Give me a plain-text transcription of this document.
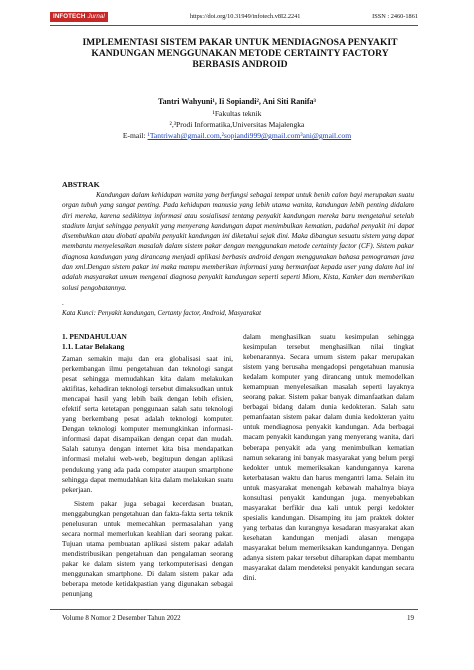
INFOTECH Jurnal	https://doi.org/10.31949/infotech.v8I2.2241	ISSN : 2460-1861
IMPLEMENTASI SISTEM PAKAR UNTUK MENDIAGNOSA PENYAKIT KANDUNGAN MENGGUNAKAN METODE CERTAINTY FACTORY BERBASIS ANDROID
Tantri Wahyuni¹, Ii Sopiandi², Ani Siti Ranifa³
¹Fakultas teknik
²,³Prodi Informatika,Universitas Majalengka
E-mail: ¹Tantriwah@gmail.com,²sopiandi999@gmail.com³ani@gmail.com
ABSTRAK

Kandungan dalam kehidupan wanita yang berfungsi sebagai tempat untuk benih calon bayi merupakan suatu organ tubuh yang sangat penting. Pada kehidupan manusia yang lebih utama wanita, kandungan lebih penting didalam diri mereka, karena sedikitnya informasi atau sosialisasi tentang penyakit kandungan mereka baru mengetahui setelah stadium lanjut sehingga penyakit yang menyerang kandungan dapat menimbulkan kematian, padahal penyakit ini dapat disembuhkan atau diobati apabila penyakit kandungan ini diketahui sejak dini. Maka dibangun sesuatu sistem yang dapat membantu menyelesaikan masalah dalam sistem pakar dengan menggunakan metode certainty factor (CF). Sistem pakar diagnosa kandungan yang dirancang menjadi aplikasi berbasis android dengan menggunakan bahasa pemograman java dan xml.Dengan sistem pakar ini maka mampu memberikan informasi yang bermanfaat kepada user yang dalam hal ini adalah masyarakat umum mengenai diagnosa penyakit kandungan seperti seperti Miom, Kista, Kanker dan memberikan solusi pengobatannya.

.
Kata Kunci: Penyakit kandungan, Certanty factor, Android, Masyarakat
1. PENDAHULUAN
1.1. Latar Belakang

Zaman semakin maju dan era globalisasi saat ini, perkembangan ilmu pengetahuan dan teknologi sangat pesat sehingga memudahkan kita dalam melakukan aktifitas, kehadiran teknologi tersebut dimaksudkan untuk mencapai hasil yang lebih baik dengan lebih efisien, efektif serta ketetapan penggunaan salah satu teknologi yang berkembang pesat adalah teknologi komputer. Dengan teknologi komputer memungkinkan informasi-informasi dapat disampaikan dengan cepat dan mudah. Salah satunya dengan internet kita bisa mendapatkan informasi melalui web-web, begitupun dengan aplikasi pendukung yang ada pada computer ataupun smartphone sehingga dapat memudahkan kita dalam melakukan suatu pekerjaan.

Sistem pakar juga sebagai kecerdasan buatan, menggabungkan pengetahuan dan fakta-fakta serta teknik penelusuran untuk memecahkan permasalahan yang secara normal memerlukan keahlian dari seorang pakar. Tujuan utama pembuatan aplikasi sistem pakar adalah mendistribusikan pengetahuan dan pengalaman seorang pakar ke dalam sistem yang terkomputerisasi dengan menggunakan smartphone. Di dalam sistem pakar ada beberapa metode ketidakpastian yang digunakan sebagai penunjang

dalam menghasilkan suatu kesimpulan sehingga kesimpulan tersebut menghasilkan nilai tingkat kebenarannya. Secara umum sistem pakar merupakan sistem yang berusaha mengadopsi pengetahuan manusia kedalam komputer yang dirancang untuk memodelkan kemampuan menyelesaikan masalah seperti layaknya seorang pakar. Sistem pakar banyak dimanfaatkan dalam berbagai bidang dalam dunia kedokteran. Salah satu pemanfaatan sistem pakar dalam dunia kedokteran yaitu untuk mendiagnosa penyakit kandungan. Ada berbagai macam penyakit kandungan yang menyerang wanita, dari beberapa penyakit ada yang menimbulkan kematian namun sekarang ini banyak masyarakat yang belum pergi kedokter untuk memeriksakan kandungannya karena keterbatasan waktu dan harus mengantri lama. Selain itu untuk masyarakat menengah kebawah mahalnya biaya konsultasi penyakit kandungan juga. menyebabkan masyarakat berfikir dua kali untuk pergi kedokter spesialis kandungan. Disamping itu jam praktek dokter yang terbatas dan kurangnya kesadaran masyarakat akan kesehatan kandungan menjadi alasan mengapa masyarakat belum memeriksakan kandungannya. Dengan adanya sistem pakar tersebut diharapkan dapat membantu masyarakat dalam mendeteksi penyakit kandungan secara dini.

Volume 8 Nomor 2 Desember Tahun 2022	19
